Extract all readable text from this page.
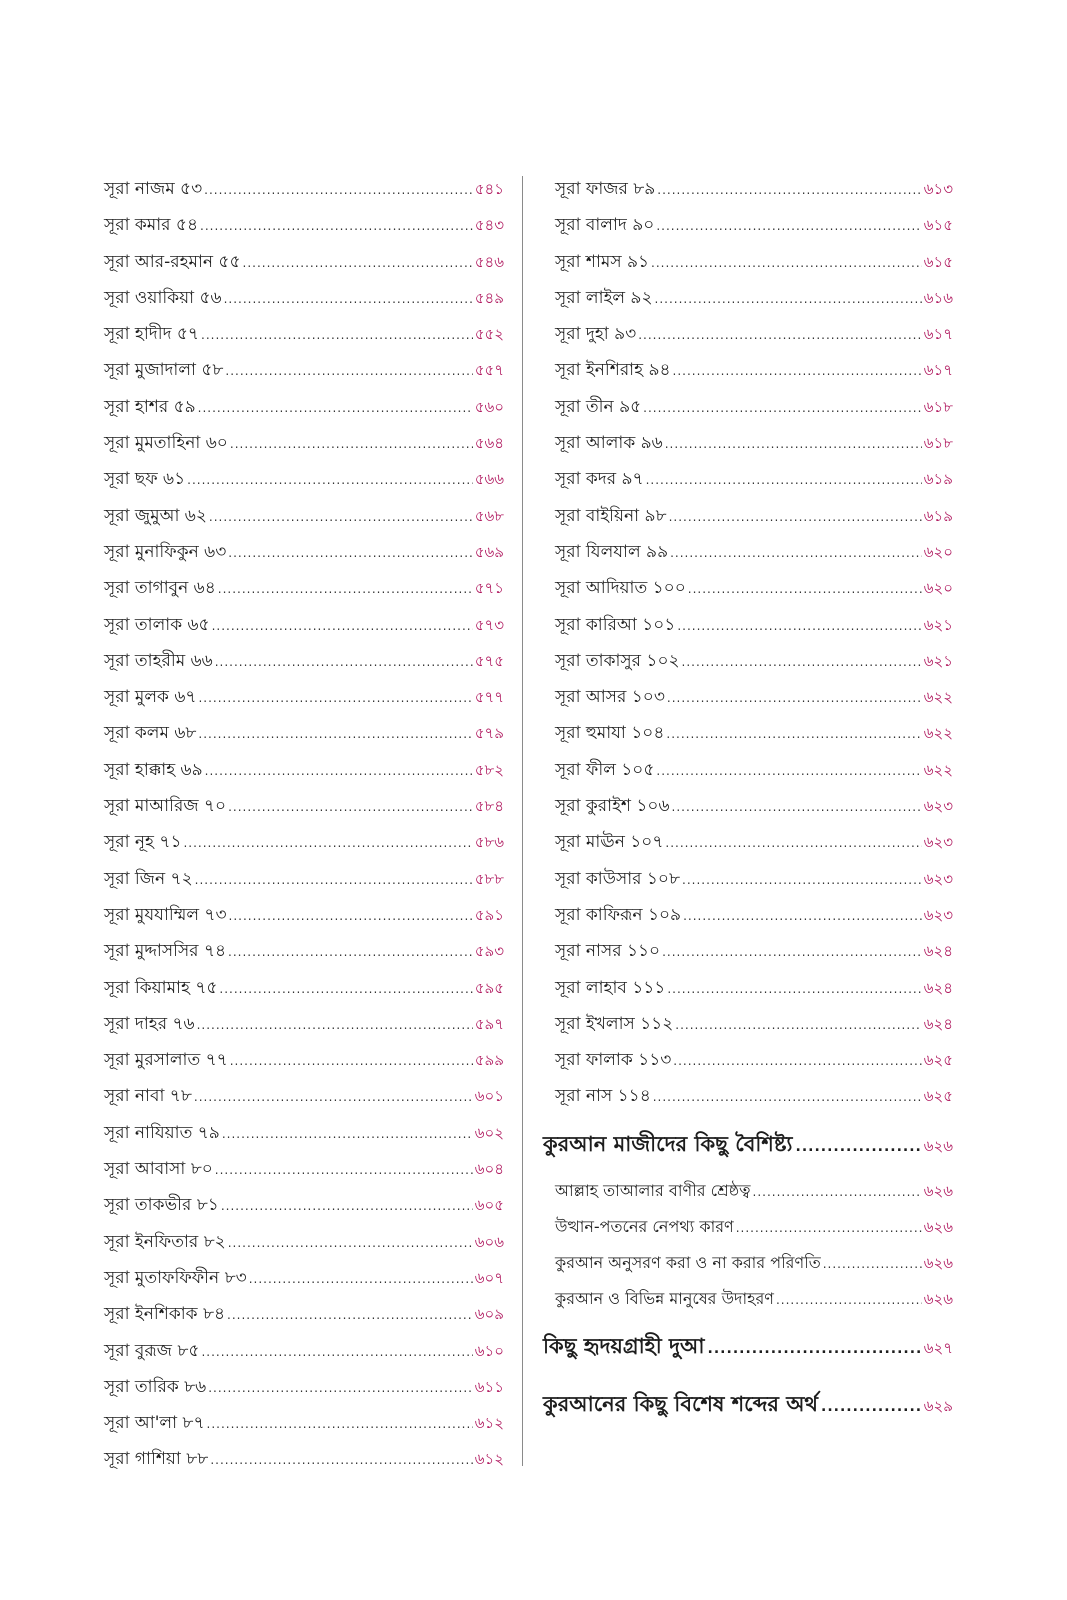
সূরা নাজম ৫৩ .....	৫৪১
সূরা কমার ৫৪ .....	৫৪৩
সূরা আর-রহমান ৫৫ .....	৫৪৬
সূরা ওয়াকিয়া ৫৬ .....	৫৪৯
সূরা হাদীদ ৫৭ .....	৫৫২
সূরা মুজাদালা ৫৮ .....	৫৫৭
সূরা হাশর ৫৯ .....	৫৬০
সূরা মুমতাহিনা ৬০ .....	৫৬৪
সূরা ছফ ৬১ .....	৫৬৬
সূরা জুমুআ ৬২ .....	৫৬৮
সূরা মুনাফিকুন ৬৩ .....	৫৬৯
সূরা তাগাবুন ৬৪ .....	৫৭১
সূরা তালাক ৬৫ .....	৫৭৩
সূরা তাহরীম ৬৬ .....	৫৭৫
সূরা মুলক ৬৭ .....	৫৭৭
সূরা কলম ৬৮ .....	৫৭৯
সূরা হাক্কাহ ৬৯ .....	৫৮২
সূরা মাআরিজ ৭০ .....	৫৮৪
সূরা নূহ ৭১ .....	৫৮৬
সূরা জিন ৭২ .....	৫৮৮
সূরা মুযযাম্মিল ৭৩ .....	৫৯১
সূরা মুদ্দাসসির ৭৪ .....	৫৯৩
সূরা কিয়ামাহ ৭৫ .....	৫৯৫
সূরা দাহর ৭৬ .....	৫৯৭
সূরা মুরসালাত ৭৭ .....	৫৯৯
সূরা নাবা ৭৮ .....	৬০১
সূরা নাযিয়াত ৭৯ .....	৬০২
সূরা আবাসা ৮০ .....	৬০৪
সূরা তাকভীর ৮১ .....	৬০৫
সূরা ইনফিতার ৮২ .....	৬০৬
সূরা মুতাফফিফীন ৮৩ .....	৬০৭
সূরা ইনশিকাক ৮৪ .....	৬০৯
সূরা বুরূজ ৮৫ .....	৬১০
সূরা তারিক ৮৬ .....	৬১১
সূরা আ'লা ৮৭ .....	৬১২
সূরা গাশিয়া ৮৮ .....	৬১২
সূরা ফাজর ৮৯ .....	৬১৩
সূরা বালাদ ৯০ .....	৬১৫
সূরা শামস ৯১ .....	৬১৫
সূরা লাইল ৯২ .....	৬১৬
সূরা দুহা ৯৩ .....	৬১৭
সূরা ইনশিরাহ ৯৪ .....	৬১৭
সূরা তীন ৯৫ .....	৬১৮
সূরা আলাক ৯৬ .....	৬১৮
সূরা কদর ৯৭ .....	৬১৯
সূরা বাইয়িনা ৯৮ .....	৬১৯
সূরা যিলযাল ৯৯ .....	৬২০
সূরা আদিয়াত ১০০ .....	৬২০
সূরা কারিআ ১০১ .....	৬২১
সূরা তাকাসুর ১০২ .....	৬২১
সূরা আসর ১০৩ .....	৬২২
সূরা হুমাযা ১০৪ .....	৬২২
সূরা ফীল ১০৫ .....	৬২২
সূরা কুরাইশ ১০৬ .....	৬২৩
সূরা মাঊন ১০৭ .....	৬২৩
সূরা কাউসার ১০৮ .....	৬২৩
সূরা কাফিরূন ১০৯ .....	৬২৩
সূরা নাসর ১১০ .....	৬২৪
সূরা লাহাব ১১১ .....	৬২৪
সূরা ইখলাস ১১২ .....	৬২৪
সূরা ফালাক ১১৩ .....	৬২৫
সূরা নাস ১১৪ .....	৬২৫
কুরআন মাজীদের কিছু বৈশিষ্ট্য .....	৬২৬
আল্লাহ তাআলার বাণীর শ্রেষ্ঠত্ব .....	৬২৬
উত্থান-পতনের নেপথ্য কারণ .....	৬২৬
কুরআন অনুসরণ করা ও না করার পরিণতি .....	৬২৬
কুরআন ও বিভিন্ন মানুষের উদাহরণ .....	৬২৬
কিছু হৃদয়গ্রাহী দুআ .....	৬২৭
কুরআনের কিছু বিশেষ শব্দের অর্থ .....	৬২৯
